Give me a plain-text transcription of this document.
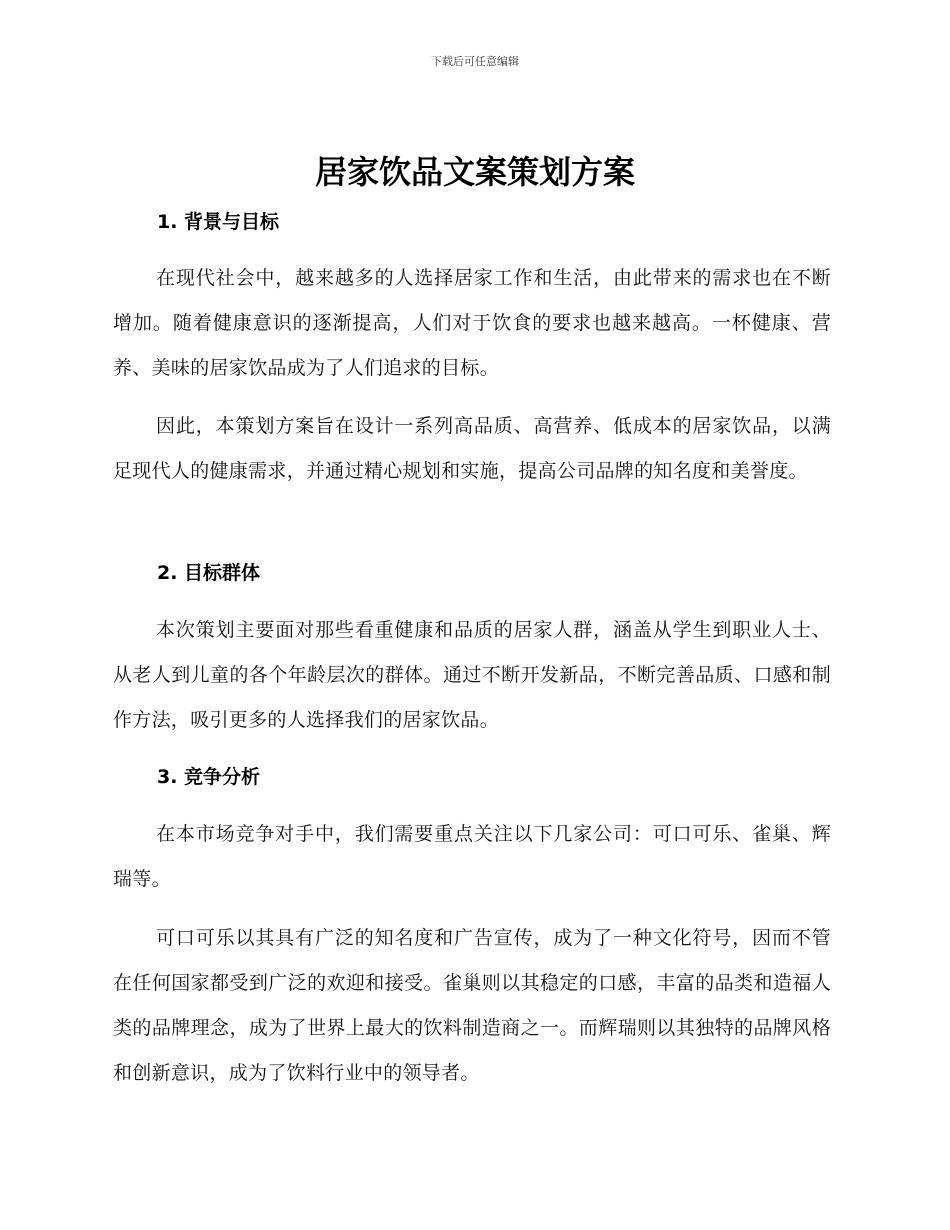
下载后可任意编辑
居家饮品文案策划方案
1. 背景与目标

在现代社会中，越来越多的人选择居家工作和生活，由此带来的需求也在不断增加。随着健康意识的逐渐提高，人们对于饮食的要求也越来越高。一杯健康、营养、美味的居家饮品成为了人们追求的目标。

因此，本策划方案旨在设计一系列高品质、高营养、低成本的居家饮品，以满足现代人的健康需求，并通过精心规划和实施，提高公司品牌的知名度和美誉度。

2. 目标群体

本次策划主要面对那些看重健康和品质的居家人群，涵盖从学生到职业人士、从老人到儿童的各个年龄层次的群体。通过不断开发新品，不断完善品质、口感和制作方法，吸引更多的人选择我们的居家饮品。

3. 竞争分析

在本市场竞争对手中，我们需要重点关注以下几家公司：可口可乐、雀巢、辉瑞等。

可口可乐以其具有广泛的知名度和广告宣传，成为了一种文化符号，因而不管在任何国家都受到广泛的欢迎和接受。雀巢则以其稳定的口感，丰富的品类和造福人类的品牌理念，成为了世界上最大的饮料制造商之一。而辉瑞则以其独特的品牌风格和创新意识，成为了饮料行业中的领导者。
